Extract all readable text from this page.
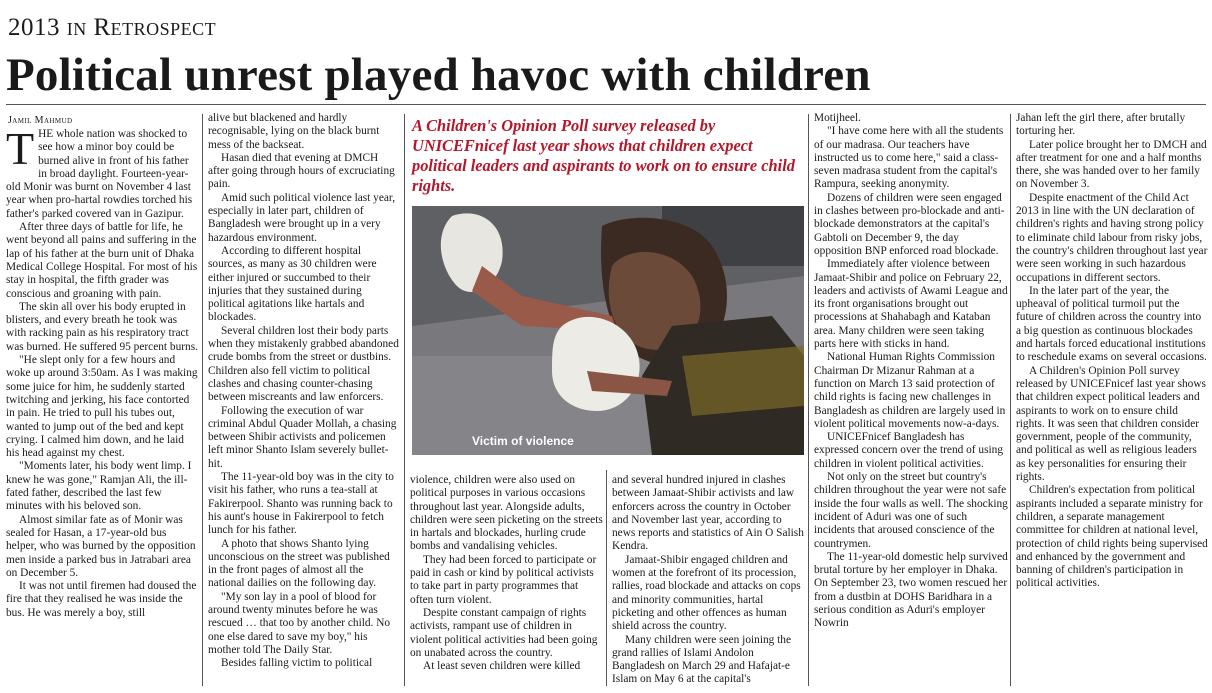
2013 in Retrospect
Political unrest played havoc with children
Jamil Mahmud
T HE whole nation was shocked to see how a minor boy could be burned alive in front of his father in broad daylight. Fourteen-year-old Monir was burnt on November 4 last year when pro-hartal rowdies torched his father's parked covered van in Gazipur.

After three days of battle for life, he went beyond all pains and suffering in the lap of his father at the burn unit of Dhaka Medical College Hospital. For most of his stay in hospital, the fifth grader was conscious and groaning with pain.

The skin all over his body erupted in blisters, and every breath he took was with racking pain as his respiratory tract was burned. He suffered 95 percent burns.

"He slept only for a few hours and woke up around 3:50am. As I was making some juice for him, he suddenly started twitching and jerking, his face contorted in pain. He tried to pull his tubes out, wanted to jump out of the bed and kept crying. I calmed him down, and he laid his head against my chest.

"Moments later, his body went limp. I knew he was gone," Ramjan Ali, the ill-fated father, described the last few minutes with his beloved son.

Almost similar fate as of Monir was sealed for Hasan, a 17-year-old bus helper, who was burned by the opposition men inside a parked bus in Jatrabari area on December 5.

It was not until firemen had doused the fire that they realised he was inside the bus. He was merely a boy, still

alive but blackened and hardly recognisable, lying on the black burnt mess of the backseat.

Hasan died that evening at DMCH after going through hours of excruciating pain.

Amid such political violence last year, especially in later part, children of Bangladesh were brought up in a very hazardous environment.

According to different hospital sources, as many as 30 children were either injured or succumbed to their injuries that they sustained during political agitations like hartals and blockades.

Several children lost their body parts when they mistakenly grabbed abandoned crude bombs from the street or dustbins. Children also fell victim to political clashes and chasing counter-chasing between miscreants and law enforcers.

Following the execution of war criminal Abdul Quader Mollah, a chasing between Shibir activists and policemen left minor Shanto Islam severely bullet-hit.

The 11-year-old boy was in the city to visit his father, who runs a tea-stall at Fakirerpool. Shanto was running back to his aunt's house in Fakirerpool to fetch lunch for his father.

A photo that shows Shanto lying unconscious on the street was published in the front pages of almost all the national dailies on the following day.

"My son lay in a pool of blood for around twenty minutes before he was rescued … that too by another child. No one else dared to save my boy," his mother told The Daily Star.

Besides falling victim to political

A Children's Opinion Poll survey released by UNICEFnicef last year shows that children expect political leaders and aspirants to work on to ensure child rights.
Victim of violence

violence, children were also used on political purposes in various occasions throughout last year. Alongside adults, children were seen picketing on the streets in hartals and blockades, hurling crude bombs and vandalising vehicles.

They had been forced to participate or paid in cash or kind by political activists to take part in party programmes that often turn violent.

Despite constant campaign of rights activists, rampant use of children in violent political activities had been going on unabated across the country.

At least seven children were killed

and several hundred injured in clashes between Jamaat-Shibir activists and law enforcers across the country in October and November last year, according to news reports and statistics of Ain O Salish Kendra.

Jamaat-Shibir engaged children and women at the forefront of its procession, rallies, road blockade and attacks on cops and minority communities, hartal picketing and other offences as human shield across the country.

Many children were seen joining the grand rallies of Islami Andolon Bangladesh on March 29 and Hafajat-e Islam on May 6 at the capital's

Motijheel.

"I have come here with all the students of our madrasa. Our teachers have instructed us to come here," said a class-seven madrasa student from the capital's Rampura, seeking anonymity.

Dozens of children were seen engaged in clashes between pro-blockade and anti-blockade demonstrators at the capital's Gabtoli on December 9, the day opposition BNP enforced road blockade.

Immediately after violence between Jamaat-Shibir and police on February 22, leaders and activists of Awami League and its front organisations brought out processions at Shahabagh and Kataban area. Many children were seen taking parts here with sticks in hand.

National Human Rights Commission Chairman Dr Mizanur Rahman at a function on March 13 said protection of child rights is facing new challenges in Bangladesh as children are largely used in violent political movements now-a-days.

UNICEFnicef Bangladesh has expressed concern over the trend of using children in violent political activities.

Not only on the street but country's children throughout the year were not safe inside the four walls as well. The shocking incident of Aduri was one of such incidents that aroused conscience of the countrymen.

The 11-year-old domestic help survived brutal torture by her employer in Dhaka. On September 23, two women rescued her from a dustbin at DOHS Baridhara in a serious condition as Aduri's employer Nowrin

Jahan left the girl there, after brutally torturing her.

Later police brought her to DMCH and after treatment for one and a half months there, she was handed over to her family on November 3.

Despite enactment of the Child Act 2013 in line with the UN declaration of children's rights and having strong policy to eliminate child labour from risky jobs, the country's children throughout last year were seen working in such hazardous occupations in different sectors.

In the later part of the year, the upheaval of political turmoil put the future of children across the country into a big question as continuous blockades and hartals forced educational institutions to reschedule exams on several occasions.

A Children's Opinion Poll survey released by UNICEFnicef last year shows that children expect political leaders and aspirants to work on to ensure child rights. It was seen that children consider government, people of the community, and political as well as religious leaders as key personalities for ensuring their rights.

Children's expectation from political aspirants included a separate ministry for children, a separate management committee for children at national level, protection of child rights being supervised and enhanced by the government and banning of children's participation in political activities.
